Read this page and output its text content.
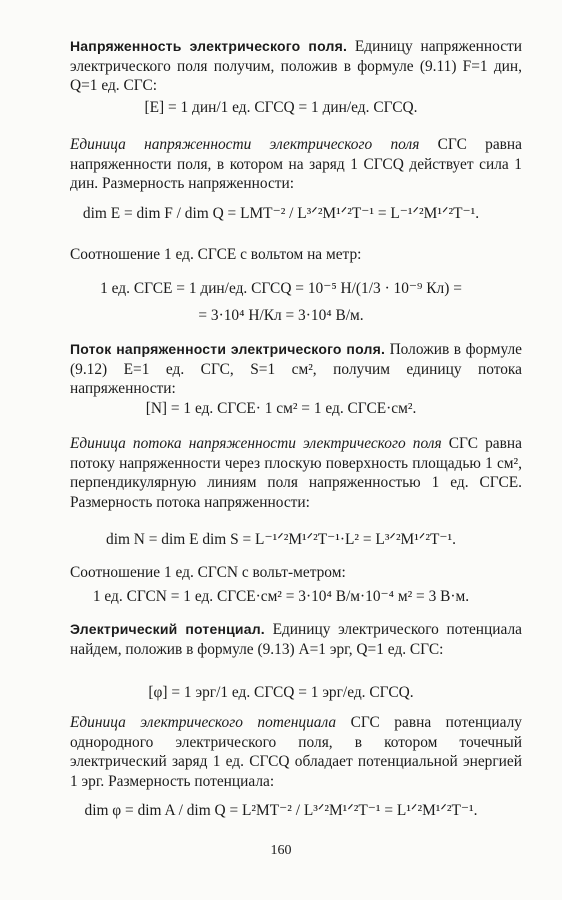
Напряженность электрического поля. Единицу напряженности электрического поля получим, положив в формуле (9.11) F=1 дин, Q=1 ед. СГС:

[E] = 1 дин/1 ед. СГСQ = 1 дин/ед. СГСQ.

Единица напряженности электрического поля СГС равна напряженности поля, в котором на заряд 1 СГСQ действует сила 1 дин. Размерность напряженности:

dim E = dim F / dim Q = LMT⁻² / L³ᐟ²M¹ᐟ²T⁻¹ = L⁻¹ᐟ²M¹ᐟ²T⁻¹.

Соотношение 1 ед. СГСE с вольтом на метр:

1 ед. СГСE = 1 дин/ед. СГСQ = 10⁻⁵ Н/(1/3 · 10⁻⁹ Кл) =

= 3·10⁴ Н/Кл = 3·10⁴ В/м.

Поток напряженности электрического поля. Положив в формуле (9.12) E=1 ед. СГС, S=1 см², получим единицу потока напряженности:

[N] = 1 ед. СГСE· 1 см² = 1 ед. СГСE·см².

Единица потока напряженности электрического поля СГС равна потоку напряженности через плоскую поверхность площадью 1 см², перпендикулярную линиям поля напряженностью 1 ед. СГСE. Размерность потока напряженности:

dim N = dim E dim S = L⁻¹ᐟ²M¹ᐟ²T⁻¹·L² = L³ᐟ²M¹ᐟ²T⁻¹.

Соотношение 1 ед. СГСN с вольт-метром:

1 ед. СГСN = 1 ед. СГСE·см² = 3·10⁴ В/м·10⁻⁴ м² = 3 В·м.

Электрический потенциал. Единицу электрического потенциала найдем, положив в формуле (9.13) A=1 эрг, Q=1 ед. СГС:

[φ] = 1 эрг/1 ед. СГСQ = 1 эрг/ед. СГСQ.

Единица электрического потенциала СГС равна потенциалу однородного электрического поля, в котором точечный электрический заряд 1 ед. СГСQ обладает потенциальной энергией 1 эрг. Размерность потенциала:

dim φ = dim A / dim Q = L²MT⁻² / L³ᐟ²M¹ᐟ²T⁻¹ = L¹ᐟ²M¹ᐟ²T⁻¹.

160
